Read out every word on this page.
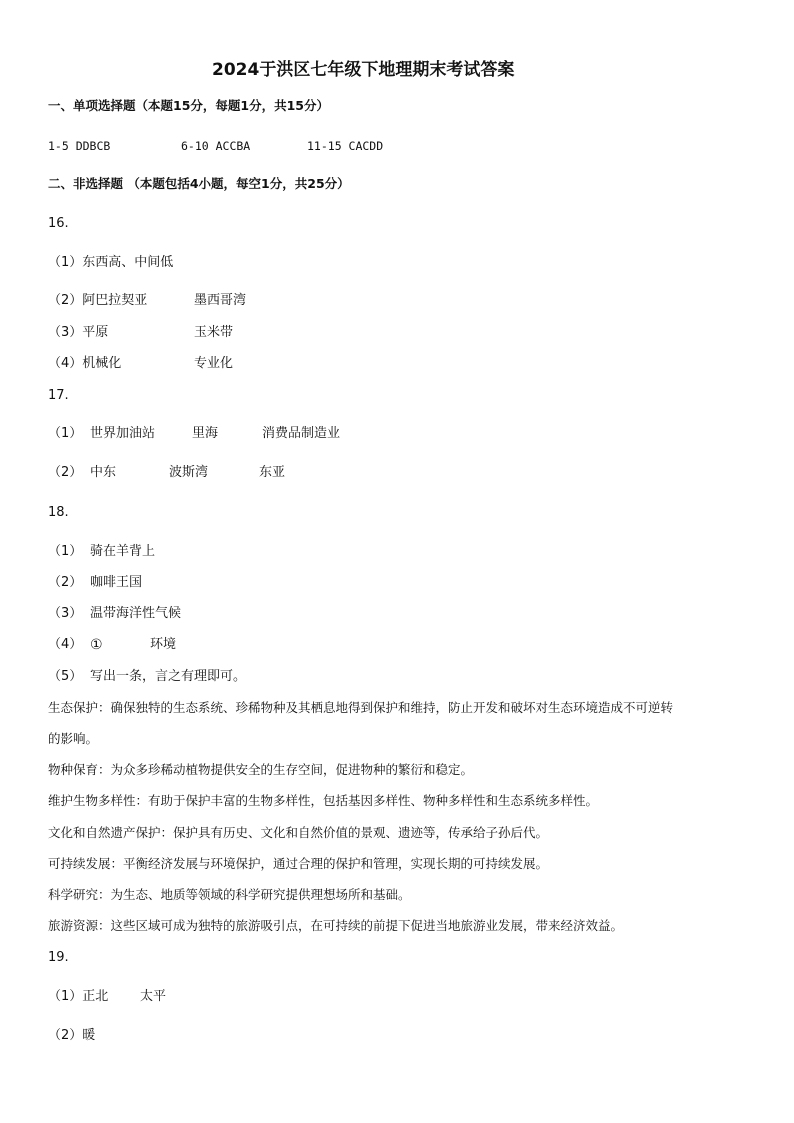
2024于洪区七年级下地理期末考试答案
一、单项选择题（本题15分，每题1分，共15分）
1-5 DDBCB	6-10 ACCBA	11-15 CACDD
二、非选择题 （本题包括4小题，每空1分，共25分）
16.
（1）东西高、中间低
（2）阿巴拉契亚	墨西哥湾
（3）平原	玉米带
（4）机械化	专业化
17.
（1） 世界加油站	里海	消费品制造业
（2） 中东	波斯湾	东亚
18.
（1） 骑在羊背上
（2） 咖啡王国
（3） 温带海洋性气候
（4） ①	环境
（5） 写出一条，言之有理即可。
生态保护：确保独特的生态系统、珍稀物种及其栖息地得到保护和维持，防止开发和破坏对生态环境造成不可逆转
的影响。
物种保育：为众多珍稀动植物提供安全的生存空间，促进物种的繁衍和稳定。
维护生物多样性：有助于保护丰富的生物多样性，包括基因多样性、物种多样性和生态系统多样性。
文化和自然遗产保护：保护具有历史、文化和自然价值的景观、遗迹等，传承给子孙后代。
可持续发展：平衡经济发展与环境保护，通过合理的保护和管理，实现长期的可持续发展。
科学研究：为生态、地质等领域的科学研究提供理想场所和基础。
旅游资源：这些区域可成为独特的旅游吸引点，在可持续的前提下促进当地旅游业发展，带来经济效益。
19.
（1）正北 太平
（2）暖
